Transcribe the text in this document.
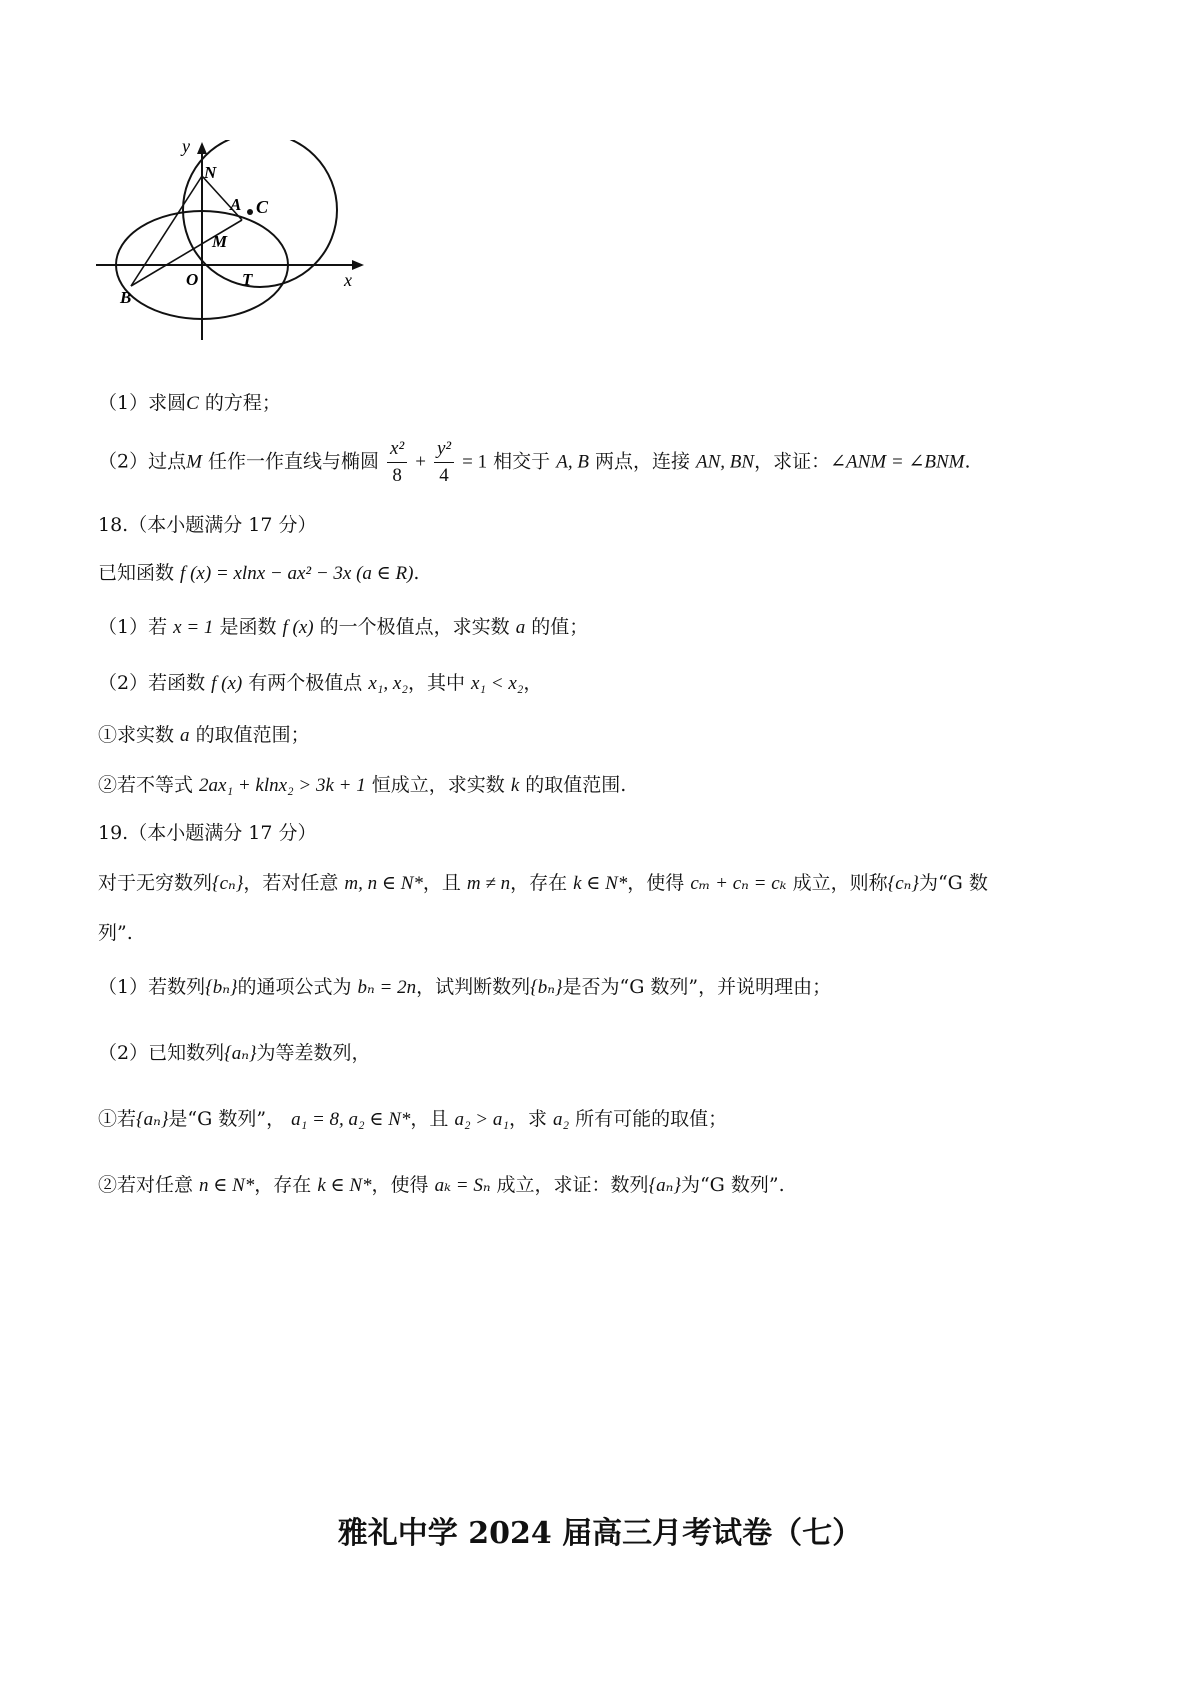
y
x
N
A C
M
O	T
B
（1）求圆C 的方程；
（2）过点M 任作一作直线与椭圆 $\frac{\text{x²}}{8} + \frac{\text{y²}}{4} = 1$ 相交于 A, B 两点，连接 AN, BN，求证：∠ANM = ∠BNM.
18.（本小题满分 17 分）
已知函数 f (x) = xlnx − ax² − 3x (a ∈ R).
（1）若 x = 1 是函数 f (x) 的一个极值点，求实数 a 的值；
（2）若函数 f (x) 有两个极值点 x₁, x₂，其中 x₁ < x₂，
①求实数 a 的取值范围；
②若不等式 2ax₁ + klnx₂ > 3k + 1 恒成立，求实数 k 的取值范围.
19.（本小题满分 17 分）
对于无穷数列{cₙ}，若对任意 m, n ∈ N*，且 m ≠ n，存在 k ∈ N*，使得 cₘ + cₙ = cₖ 成立，则称{cₙ}为“G 数
列”.
（1）若数列{bₙ}的通项公式为 bₙ = 2n，试判断数列{bₙ}是否为“G 数列”，并说明理由；
（2）已知数列{aₙ}为等差数列，
①若{aₙ}是“G 数列”， a₁ = 8, a₂ ∈ N*，且 a₂ > a₁，求 a₂ 所有可能的取值；
②若对任意 n ∈ N*，存在 k ∈ N*，使得 aₖ = Sₙ 成立，求证：数列{aₙ}为“G 数列”.
雅礼中学 2024 届高三月考试卷（七）
